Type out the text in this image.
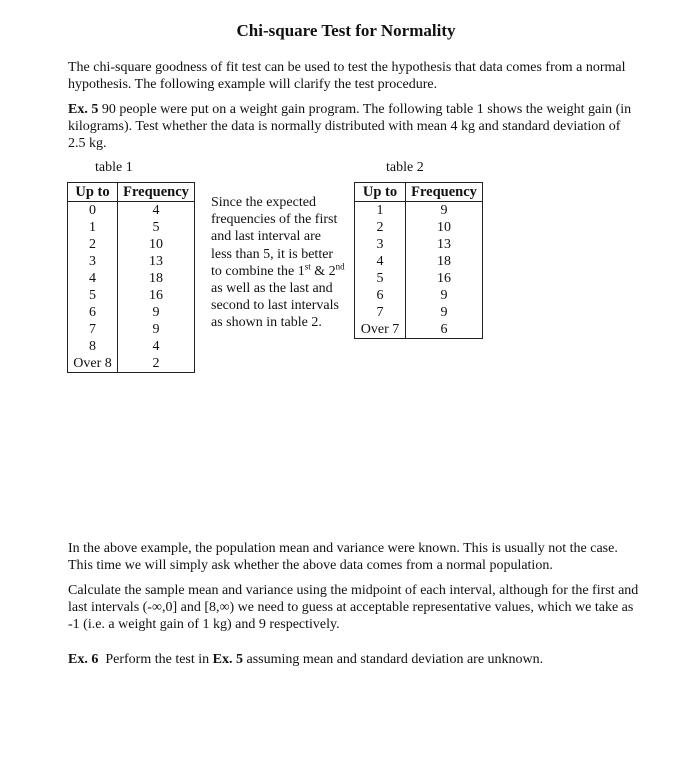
Chi-square Test for Normality
The chi-square goodness of fit test can be used to test the hypothesis that data comes from a normal hypothesis. The following example will clarify the test procedure.
Ex. 5 90 people were put on a weight gain program. The following table 1 shows the weight gain (in kilograms). Test whether the data is normally distributed with mean 4 kg and standard deviation of 2.5 kg.
table 1
Up to	Frequency
0	4
1	5
2	10
3	13
4	18
5	16
6	9
7	9
8	4
Over 8	2
Since the expected frequencies of the first and last interval are less than 5, it is better to combine the 1st & 2nd as well as the last and second to last intervals as shown in table 2.
table 2
Up to	Frequency
1	9
2	10
3	13
4	18
5	16
6	9
7	9
Over 7	6
In the above example, the population mean and variance were known. This is usually not the case. This time we will simply ask whether the above data comes from a normal population.
Calculate the sample mean and variance using the midpoint of each interval, although for the first and last intervals (-∞,0] and [8,∞) we need to guess at acceptable representative values, which we take as -1 (i.e. a weight gain of 1 kg) and 9 respectively.
Ex. 6 Perform the test in Ex. 5 assuming mean and standard deviation are unknown.
